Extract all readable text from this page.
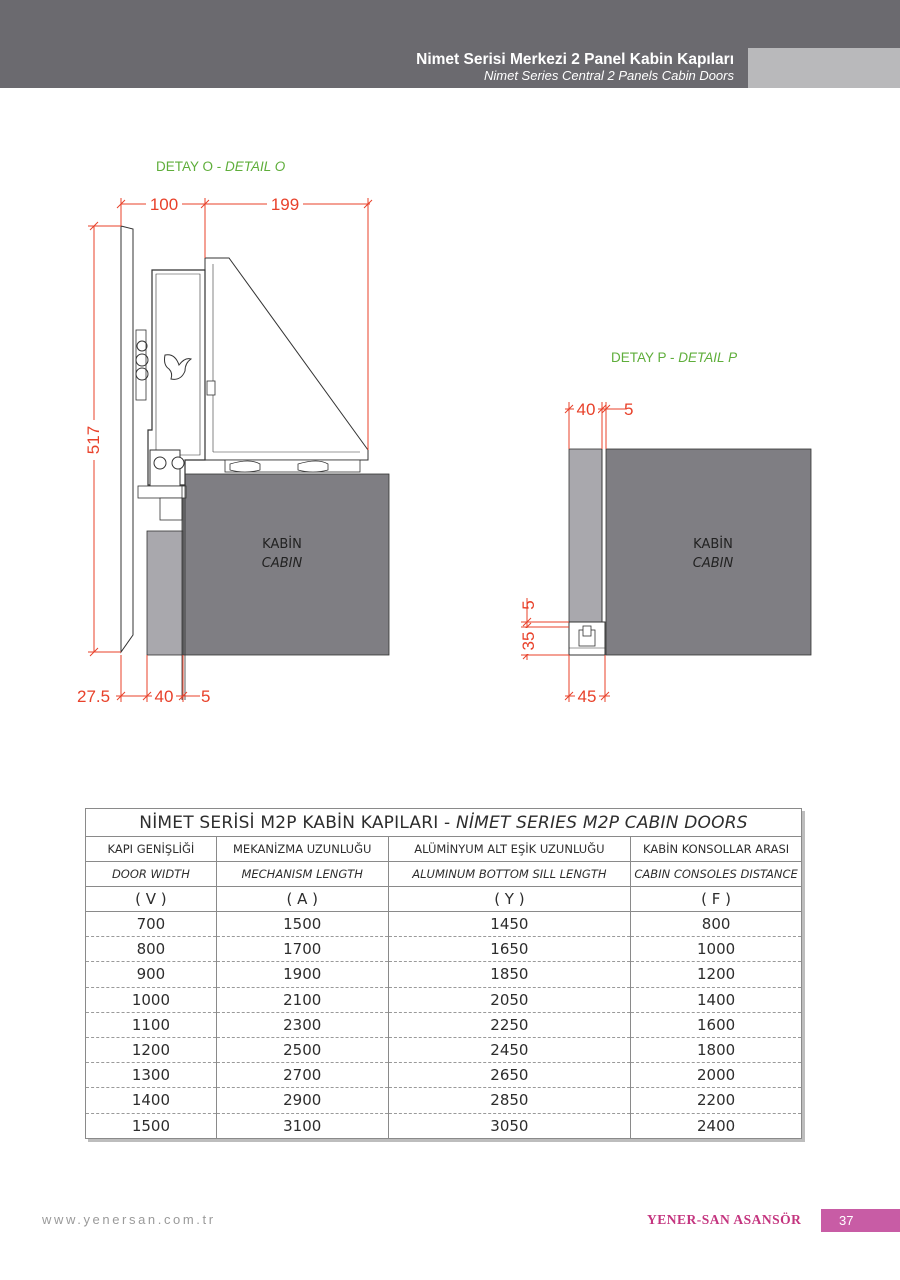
Nimet Serisi Merkezi 2 Panel Kabin Kapıları
Nimet Series Central 2 Panels Cabin Doors
DETAY O - DETAIL O
DETAY P - DETAIL P
KABİN
CABIN
100	199
517
27.5	40 5
KABİN
CABIN
40 5
5
35
45
NİMET SERİSİ M2P KABİN KAPILARI - NİMET SERIES M2P CABIN DOORS			
KAPI GENİŞLİĞİ	MEKANİZMA UZUNLUĞU	ALÜMİNYUM ALT EŞİK UZUNLUĞU	KABİN KONSOLLAR ARASI
DOOR WIDTH	MECHANISM LENGTH	ALUMINUM BOTTOM SILL LENGTH	CABIN CONSOLES DISTANCE
( V )	( A )	( Y )	( F )
700	1500	1450	800
800	1700	1650	1000
900	1900	1850	1200
1000	2100	2050	1400
1100	2300	2250	1600
1200	2500	2450	1800
1300	2700	2650	2000
1400	2900	2850	2200
1500	3100	3050	2400
www.yenersan.com.tr	YENER-SAN ASANSÖR	37
